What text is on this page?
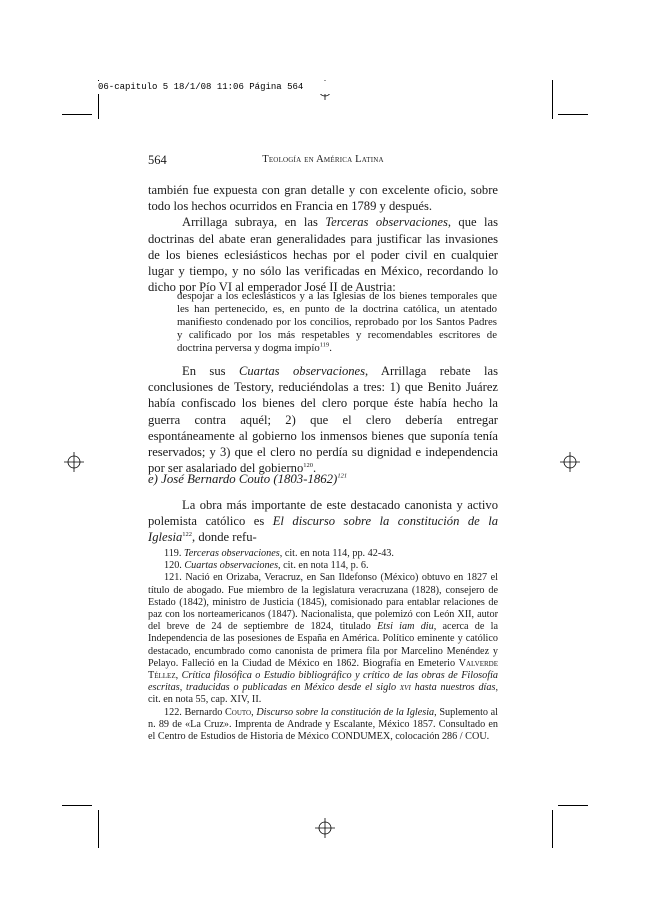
06-capitulo 5 18/1/08 11:06 Página 564
564	Teología en América Latina

también fue expuesta con gran detalle y con excelente oficio, sobre todo los hechos ocurridos en Francia en 1789 y después.

Arrillaga subraya, en las Terceras observaciones, que las doctrinas del abate eran generalidades para justificar las invasiones de los bienes eclesiásticos hechas por el poder civil en cualquier lugar y tiempo, y no sólo las verificadas en México, recordando lo dicho por Pío VI al emperador José II de Austria:

despojar a los eclesiásticos y a las Iglesias de los bienes temporales que les han pertenecido, es, en punto de la doctrina católica, un atentado manifiesto condenado por los concilios, reprobado por los Santos Padres y calificado por los más respetables y recomendables escritores de doctrina perversa y dogma impío$^{119}$.

En sus Cuartas observaciones, Arrillaga rebate las conclusiones de Testory, reduciéndolas a tres: 1) que Benito Juárez había confiscado los bienes del clero porque éste había hecho la guerra contra aquél; 2) que el clero debería entregar espontáneamente al gobierno los inmensos bienes que suponía tenía reservados; y 3) que el clero no perdía su dignidad e independencia por ser asalariado del gobierno$^{120}$.

e) José Bernardo Couto (1803-1862)$^{121}$

La obra más importante de este destacado canonista y activo polemista católico es El discurso sobre la constitución de la Iglesia$^{122}$, donde refu-

119. Terceras observaciones, cit. en nota 114, pp. 42-43.

120. Cuartas observaciones, cit. en nota 114, p. 6.

121. Nació en Orizaba, Veracruz, en San Ildefonso (México) obtuvo en 1827 el título de abogado. Fue miembro de la legislatura veracruzana (1828), consejero de Estado (1842), ministro de Justicia (1845), comisionado para entablar relaciones de paz con los norteamericanos (1847). Nacionalista, que polemizó con León XII, autor del breve de 24 de septiembre de 1824, titulado Etsi iam diu, acerca de la Independencia de las posesiones de España en América. Político eminente y católico destacado, encumbrado como canonista de primera fila por Marcelino Menéndez y Pelayo. Falleció en la Ciudad de México en 1862. Biografía en Emeterio Valverde Téllez, Crítica filosófica o Estudio bibliográfico y crítico de las obras de Filosofía escritas, traducidas o publicadas en México desde el siglo xvi hasta nuestros días, cit. en nota 55, cap. XIV, II.

122. Bernardo Couto, Discurso sobre la constitución de la Iglesia, Suplemento al n. 89 de «La Cruz». Imprenta de Andrade y Escalante, México 1857. Consultado en el Centro de Estudios de Historia de México CONDUMEX, colocación 286 / COU.
